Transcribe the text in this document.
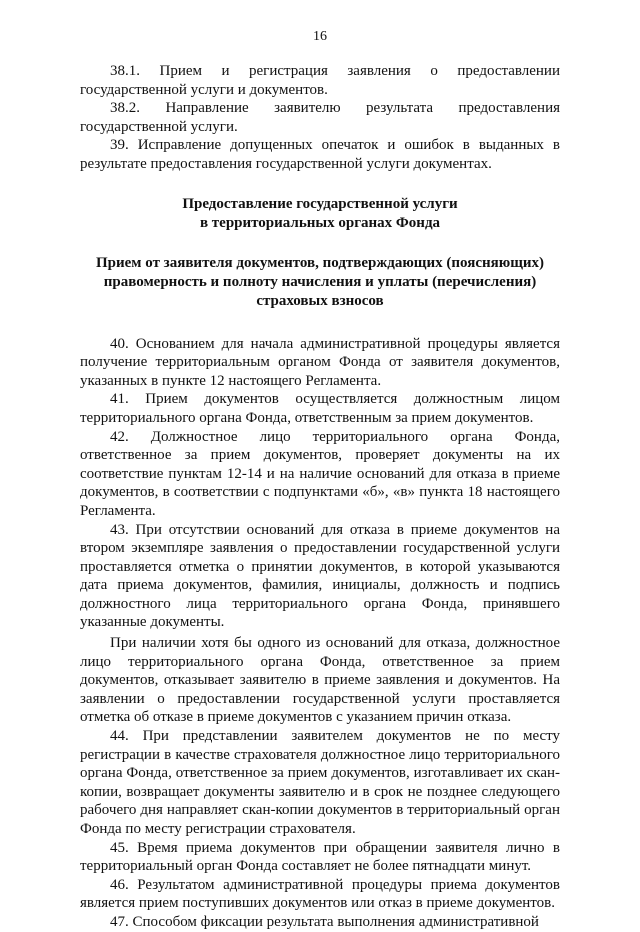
16

38.1. Прием и регистрация заявления о предоставлении государственной услуги и документов.

38.2. Направление заявителю результата предоставления государственной услуги.

39. Исправление допущенных опечаток и ошибок в выданных в результате предоставления государственной услуги документах.

Предоставление государственной услуги
в территориальных органах Фонда
Прием от заявителя документов, подтверждающих (поясняющих)
правомерность и полноту начисления и уплаты (перечисления)
страховых взносов

40. Основанием для начала административной процедуры является получение территориальным органом Фонда от заявителя документов, указанных в пункте 12 настоящего Регламента.

41. Прием документов осуществляется должностным лицом территориального органа Фонда, ответственным за прием документов.

42. Должностное лицо территориального органа Фонда, ответственное за прием документов, проверяет документы на их соответствие пунктам 12-14 и на наличие оснований для отказа в приеме документов, в соответствии с подпунктами «б», «в» пункта 18 настоящего Регламента.

43. При отсутствии оснований для отказа в приеме документов на втором экземпляре заявления о предоставлении государственной услуги проставляется отметка о принятии документов, в которой указываются дата приема документов, фамилия, инициалы, должность и подпись должностного лица территориального органа Фонда, принявшего указанные документы.

При наличии хотя бы одного из оснований для отказа, должностное лицо территориального органа Фонда, ответственное за прием документов, отказывает заявителю в приеме заявления и документов. На заявлении о предоставлении государственной услуги проставляется отметка об отказе в приеме документов с указанием причин отказа.

44. При представлении заявителем документов не по месту регистрации в качестве страхователя должностное лицо территориального органа Фонда, ответственное за прием документов, изготавливает их скан-копии, возвращает документы заявителю и в срок не позднее следующего рабочего дня направляет скан-копии документов в территориальный орган Фонда по месту регистрации страхователя.

45. Время приема документов при обращении заявителя лично в территориальный орган Фонда составляет не более пятнадцати минут.

46. Результатом административной процедуры приема документов является прием поступивших документов или отказ в приеме документов.

47. Способом фиксации результата выполнения административной
